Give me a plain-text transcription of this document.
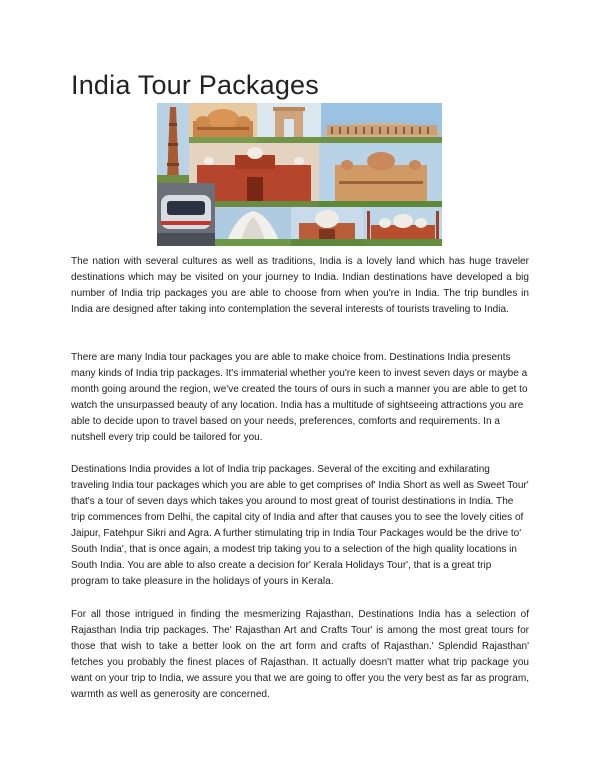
India Tour Packages

The nation with several cultures as well as traditions, India is a lovely land which has huge traveler destinations which may be visited on your journey to India. Indian destinations have developed a big number of India trip packages you are able to choose from when you're in India. The trip bundles in India are designed after taking into contemplation the several interests of tourists traveling to India.

There are many India tour packages you are able to make choice from. Destinations India presents many kinds of India trip packages. It's immaterial whether you're keen to invest seven days or maybe a month going around the region, we've created the tours of ours in such a manner you are able to get to watch the unsurpassed beauty of any location. India has a multitude of sightseeing attractions you are able to decide upon to travel based on your needs, preferences, comforts and requirements. In a nutshell every trip could be tailored for you.

Destinations India provides a lot of India trip packages. Several of the exciting and exhilarating traveling India tour packages which you are able to get comprises of' India Short as well as Sweet Tour' that's a tour of seven days which takes you around to most great of tourist destinations in India. The trip commences from Delhi, the capital city of India and after that causes you to see the lovely cities of Jaipur, Fatehpur Sikri and Agra. A further stimulating trip in India Tour Packages would be the drive to' South India', that is once again, a modest trip taking you to a selection of the high quality locations in South India. You are able to also create a decision for' Kerala Holidays Tour', that is a great trip program to take pleasure in the holidays of yours in Kerala.

For all those intrigued in finding the mesmerizing Rajasthan, Destinations India has a selection of Rajasthan India trip packages. The' Rajasthan Art and Crafts Tour' is among the most great tours for those that wish to take a better look on the art form and crafts of Rajasthan.' Splendid Rajasthan' fetches you probably the finest places of Rajasthan. It actually doesn't matter what trip package you want on your trip to India, we assure you that we are going to offer you the very best as far as program, warmth as well as generosity are concerned.
